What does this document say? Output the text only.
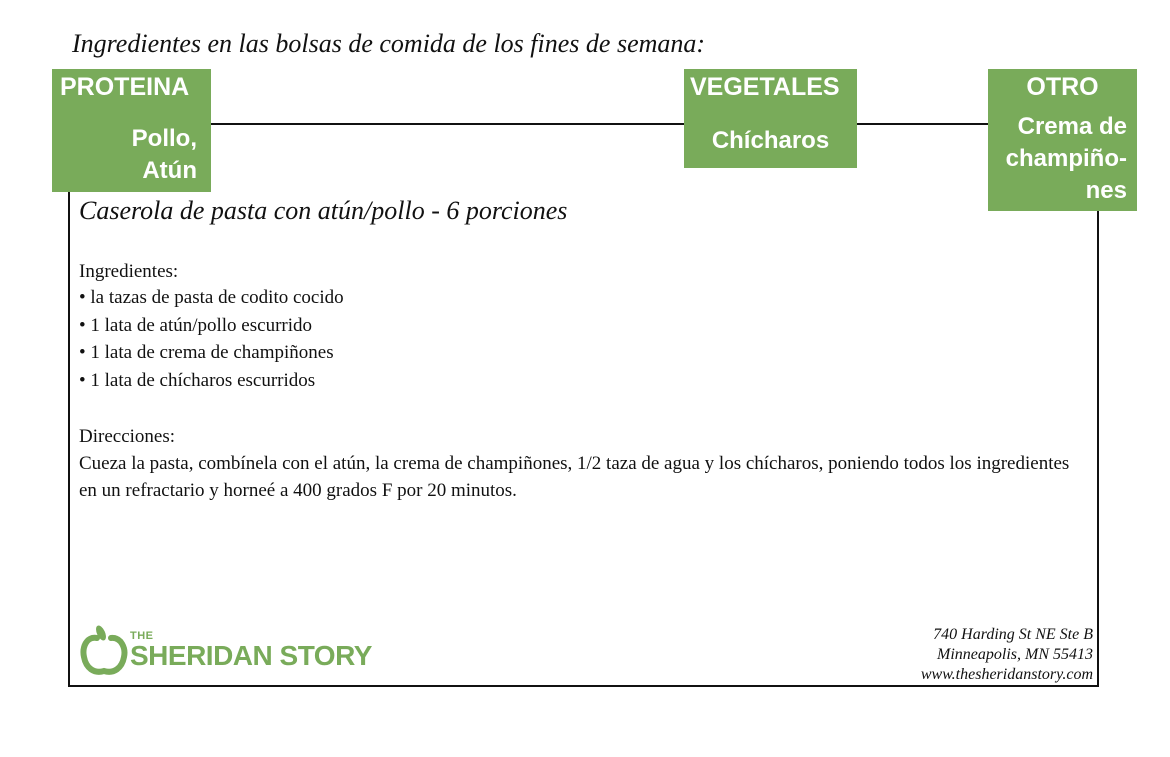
Ingredientes en las bolsas de comida de los fines de semana:
PROTEINA
Pollo,
Atún
VEGETALES
Chícharos
OTRO
Crema de
champiño-
nes
Caserola de pasta con atún/pollo - 6 porciones
Ingredientes:
• la tazas de pasta de codito cocido
• 1 lata de atún/pollo escurrido
• 1 lata de crema de champiñones
• 1 lata de chícharos escurridos
Direcciones:

Cueza la pasta, combínela con el atún, la crema de champiñones, 1/2 taza de agua y los chícharos, poniendo todos los ingredientes en un refractario y horneé a 400 grados F por 20 minutos.

THE
SHERIDAN STORY
740 Harding St NE Ste B
Minneapolis, MN 55413
www.thesheridanstory.com
